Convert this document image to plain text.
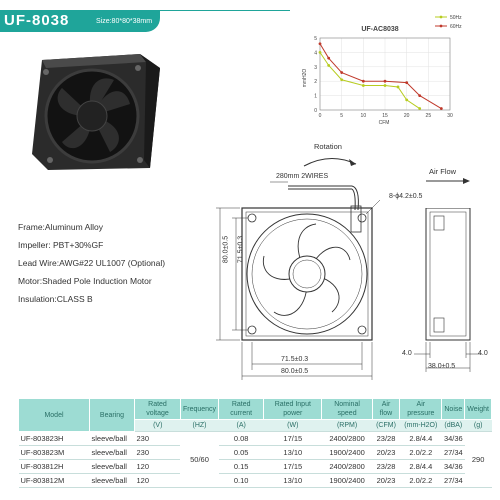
UF-8038	Size:80*80*38mm
UF-AC8038
mmH2O
CFM
0	5	10	15	20	25	30
0
1
2
3
4
5
50Hz
60Hz
Rotation
Air Flow
280mm 2WIRES
8-ϕ4.2±0.5
71.5±0.3
80.0±0.5
80.0±0.5 71.5±0.3
4.0	4.0
38.0±0.5
Frame:Aluminum Alloy
Impeller: PBT+30%GF
Lead Wire:AWG#22 UL1007 (Optional)
Motor:Shaded Pole Induction Motor
Insulation:CLASS B
Model	Bearing	Rated voltage	Frequency	Rated current	Rated Input power	Nominal speed	Air flow	Air pressure	Noise	Weight
		(V)	(HZ)	(A)	(W)	(RPM)	(CFM)	(mm-H2O)	(dBA)	(g)
UF-803823H	sleeve/ball	230	50/60	0.08	17/15	2400/2800	23/28	2.8/4.4	34/36	290
UF-803823M	sleeve/ball	230		0.05	13/10	1900/2400	20/23	2.0/2.2	27/34	
UF-803812H	sleeve/ball	120		0.15	17/15	2400/2800	23/28	2.8/4.4	34/36	
UF-803812M	sleeve/ball	120		0.10	13/10	1900/2400	20/23	2.0/2.2	27/34	
